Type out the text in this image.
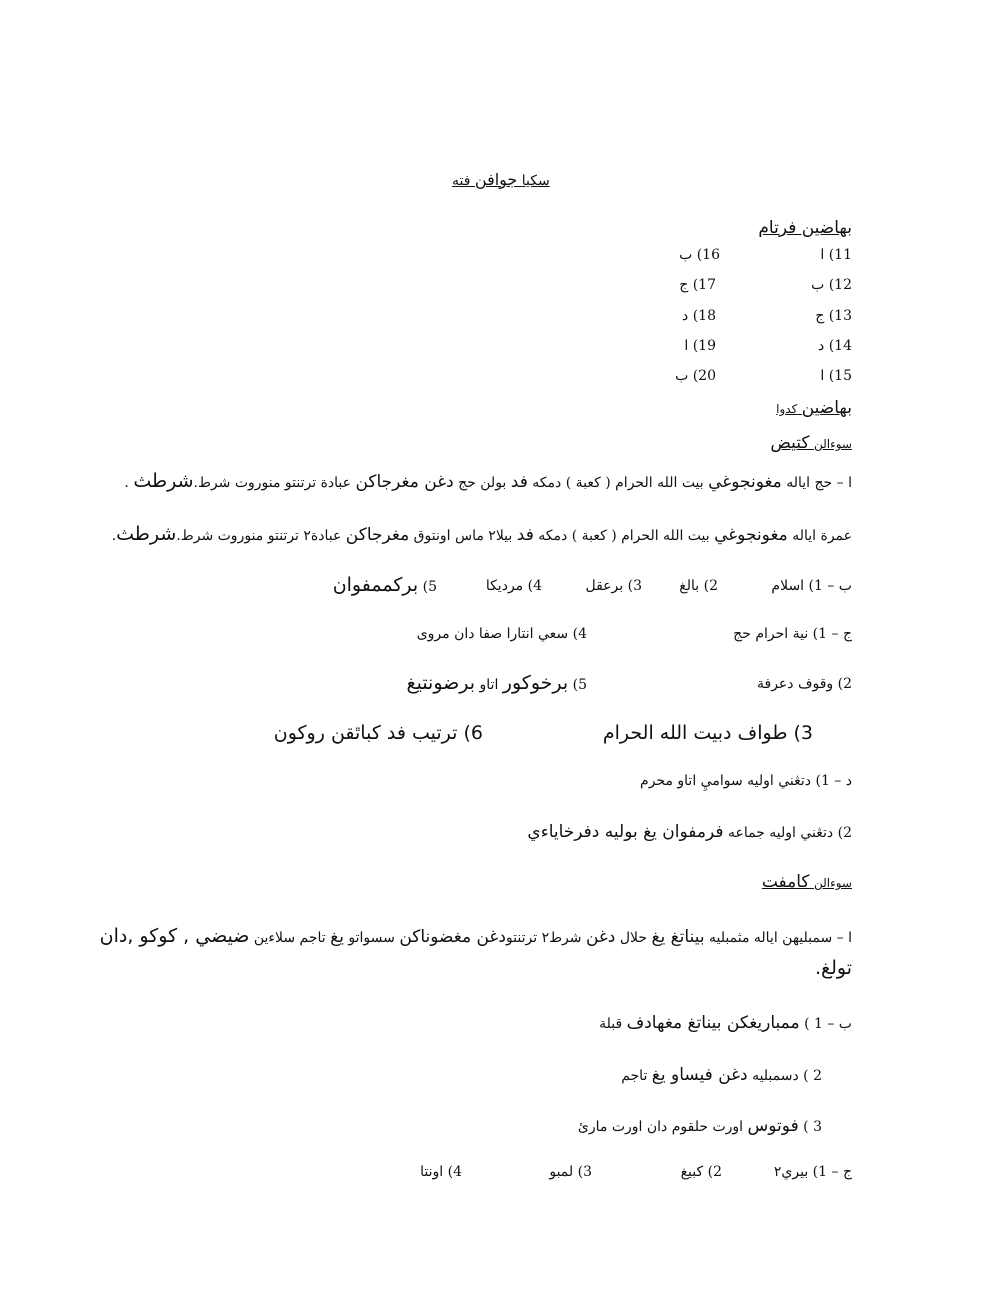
سکيا جوافن فته
بهاضين فرتام
11) ا
16) ب
12) ب
17) ج
13) ج
18) د
14) د
19) ا
15) ا
20) ب
بهاضين کدوا
سوءالن کتيض
ا – حج اياله مغونجوغي بيت الله الحرام ( کعبة ) دمکه فد بولن حج دغن مغرجاکن عبادة ترتنتو منوروت شرط.شرطث .
عمرة اياله مغونجوغي بيت الله الحرام ( کعبة ) دمکه فد بيلا٢ ماس اونتوق مغرجاکن عبادة٢ ترتنتو منوروت شرط.شرطث.
ب – 1) اسلام
2) بالغ
3) برعقل
4) مرديکا
5) برکممفوان
ج – 1) نية احرام حج
4) سعي انتارا صفا دان مروى
2) وقوف دعرفة
5) برخوکور اتاو برضونتيغ
3) طواف دبيت الله الحرام
6) ترتيب فد کباٿقن روکون
د – 1) دتڠني اوليه سواميِ اتاو محرم
2) دتڠني اوليه جماعه فرمفوان يغ بوليه دفرخاياءي
سوءالن کامفت
ا – سمبليهن اياله مثمبليه بيناتغ يغ حلال دغن شرط٢ ترتنتودغن مغضوناکن سسواتو يغ تاجم سلاءين ضيضي , کوکو ,دان
تولغ.
ب – 1 ) ممباريغکن بيناتغ مغهادف قبلة
2 ) دسمبليه دغن فيساو يغ تاجم
3 ) فوتوس اورت حلقوم دان اورت مارئ
ج – 1) بيري٢
2) کبيغ
3) لمبو
4) اونتا
